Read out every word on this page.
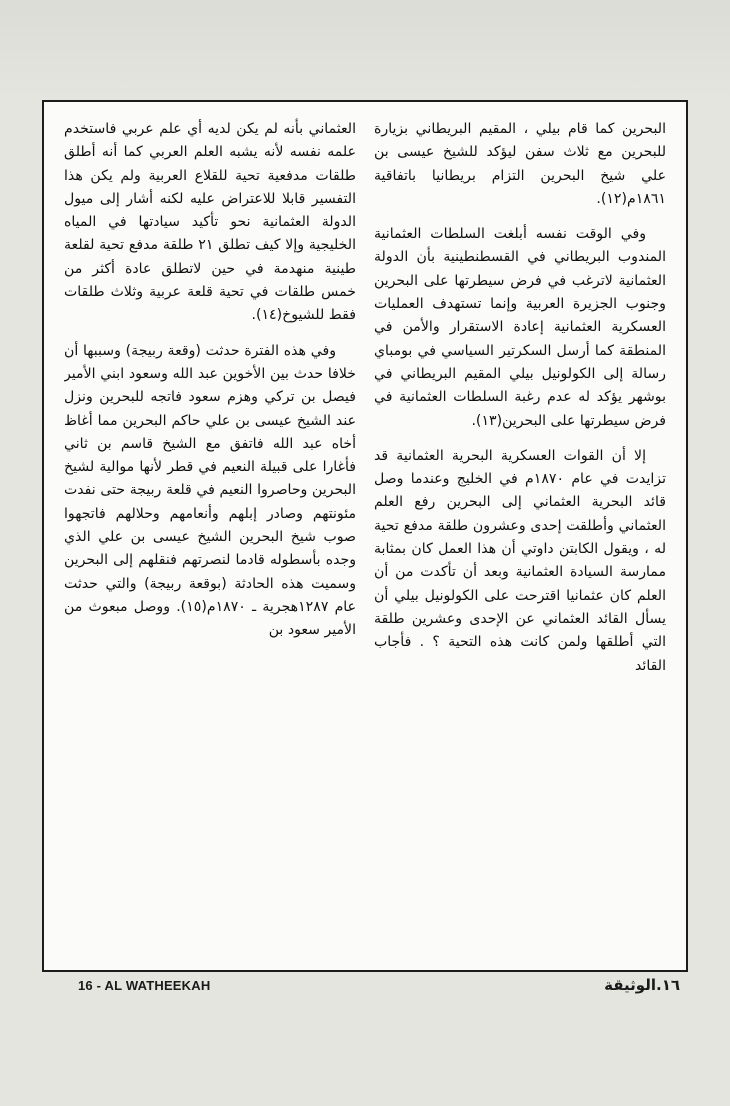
البحرين كما قام بيلي ، المقيم البريطاني بزيارة للبحرين مع ثلاث سفن ليؤكد للشيخ عيسى بن علي شيخ البحرين التزام بريطانيا باتفاقية ١٨٦١م(١٢).

وفي الوقت نفسه أبلغت السلطات العثمانية المندوب البريطاني في القسطنطينية بأن الدولة العثمانية لاترغب في فرض سيطرتها على البحرين وجنوب الجزيرة العربية وإنما تستهدف العمليات العسكرية العثمانية إعادة الاستقرار والأمن في المنطقة كما أرسل السكرتير السياسي في بومباي رسالة إلى الكولونيل بيلي المقيم البريطاني في بوشهر يؤكد له عدم رغبة السلطات العثمانية في فرض سيطرتها على البحرين(١٣).

إلا أن القوات العسكرية البحرية العثمانية قد تزايدت في عام ١٨٧٠م في الخليج وعندما وصل قائد البحرية العثماني إلى البحرين رفع العلم العثماني وأطلقت إحدى وعشرون طلقة مدفع تحية له ، ويقول الكابتن داوتي أن هذا العمل كان بمثابة ممارسة السيادة العثمانية وبعد أن تأكدت من أن العلم كان عثمانيا اقترحت على الكولونيل بيلي أن يسأل القائد العثماني عن الإحدى وعشرين طلقة التي أطلقها ولمن كانت هذه التحية ؟ . فأجاب القائد

العثماني بأنه لم يكن لديه أي علم عربي فاستخدم علمه نفسه لأنه يشبه العلم العربي كما أنه أطلق طلقات مدفعية تحية للقلاع العربية ولم يكن هذا التفسير قابلا للاعتراض عليه لكنه أشار إلى ميول الدولة العثمانية نحو تأكيد سيادتها في المياه الخليجية وإلا كيف تطلق ٢١ طلقة مدفع تحية لقلعة طينية منهدمة في حين لاتطلق عادة أكثر من خمس طلقات في تحية قلعة عربية وثلاث طلقات فقط للشيوخ(١٤).

وفي هذه الفترة حدثت (وقعة ربيجة) وسببها أن خلافا حدث بين الأخوين عبد الله وسعود ابني الأمير فيصل بن تركي وهزم سعود فاتجه للبحرين ونزل عند الشيخ عيسى بن علي حاكم البحرين مما أغاظ أخاه عبد الله فاتفق مع الشيخ قاسم بن ثاني فأغارا على قبيلة النعيم في قطر لأنها موالية لشيخ البحرين وحاصروا النعيم في قلعة ربيجة حتى نفدت مئونتهم وصادر إبلهم وأنعامهم وحلالهم فاتجهوا صوب شيخ البحرين الشيخ عيسى بن علي الذي وجده بأسطوله قادما لنصرتهم فنقلهم إلى البحرين وسميت هذه الحادثة (بوقعة ربيجة) والتي حدثت عام ١٢٨٧هجرية ـ ١٨٧٠م(١٥). ووصل مبعوث من الأمير سعود بن

16 - AL WATHEEKAH	١٦.الوثيقة
